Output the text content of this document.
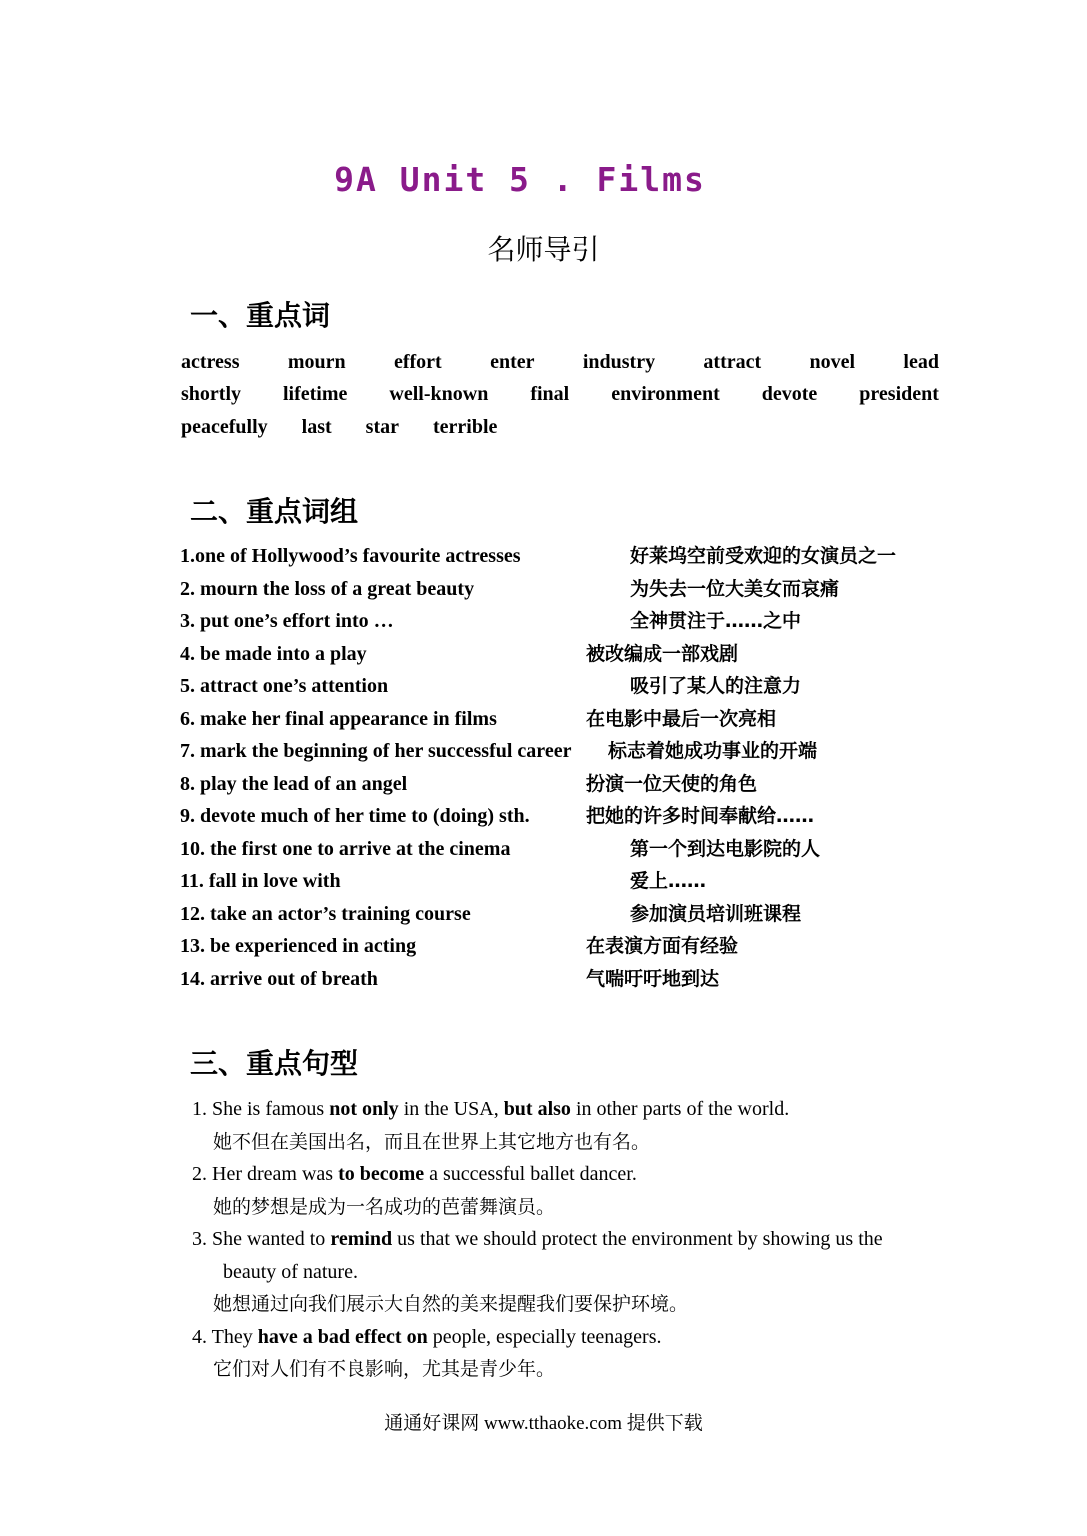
9A Unit 5 . Films
名师导引
一、重点词
actress mourn effort enter industry attract novel lead
shortly lifetime well-known final environment devote president
peacefully last star terrible
二、重点词组
1.one of Hollywood’s favourite actresses	好莱坞空前受欢迎的女演员之一
2. mourn the loss of a great beauty	为失去一位大美女而哀痛
3. put one’s effort into …	全神贯注于……之中
4. be made into a play	被改编成一部戏剧
5. attract one’s attention	吸引了某人的注意力
6. make her final appearance in films	在电影中最后一次亮相
7. mark the beginning of her successful career 标志着她成功事业的开端
8. play the lead of an angel	扮演一位天使的角色
9. devote much of her time to (doing) sth.	把她的许多时间奉献给……
10. the first one to arrive at the cinema	第一个到达电影院的人
11. fall in love with	爱上……
12. take an actor’s training course	参加演员培训班课程
13. be experienced in acting	在表演方面有经验
14. arrive out of breath	气喘吁吁地到达
三、重点句型
1. She is famous not only in the USA, but also in other parts of the world.
她不但在美国出名，而且在世界上其它地方也有名。
2. Her dream was to become a successful ballet dancer.
她的梦想是成为一名成功的芭蕾舞演员。
3. She wanted to remind us that we should protect the environment by showing us the
beauty of nature.
她想通过向我们展示大自然的美来提醒我们要保护环境。
4. They have a bad effect on people, especially teenagers.
它们对人们有不良影响，尤其是青少年。
通通好课网 www.tthaoke.com 提供下载
